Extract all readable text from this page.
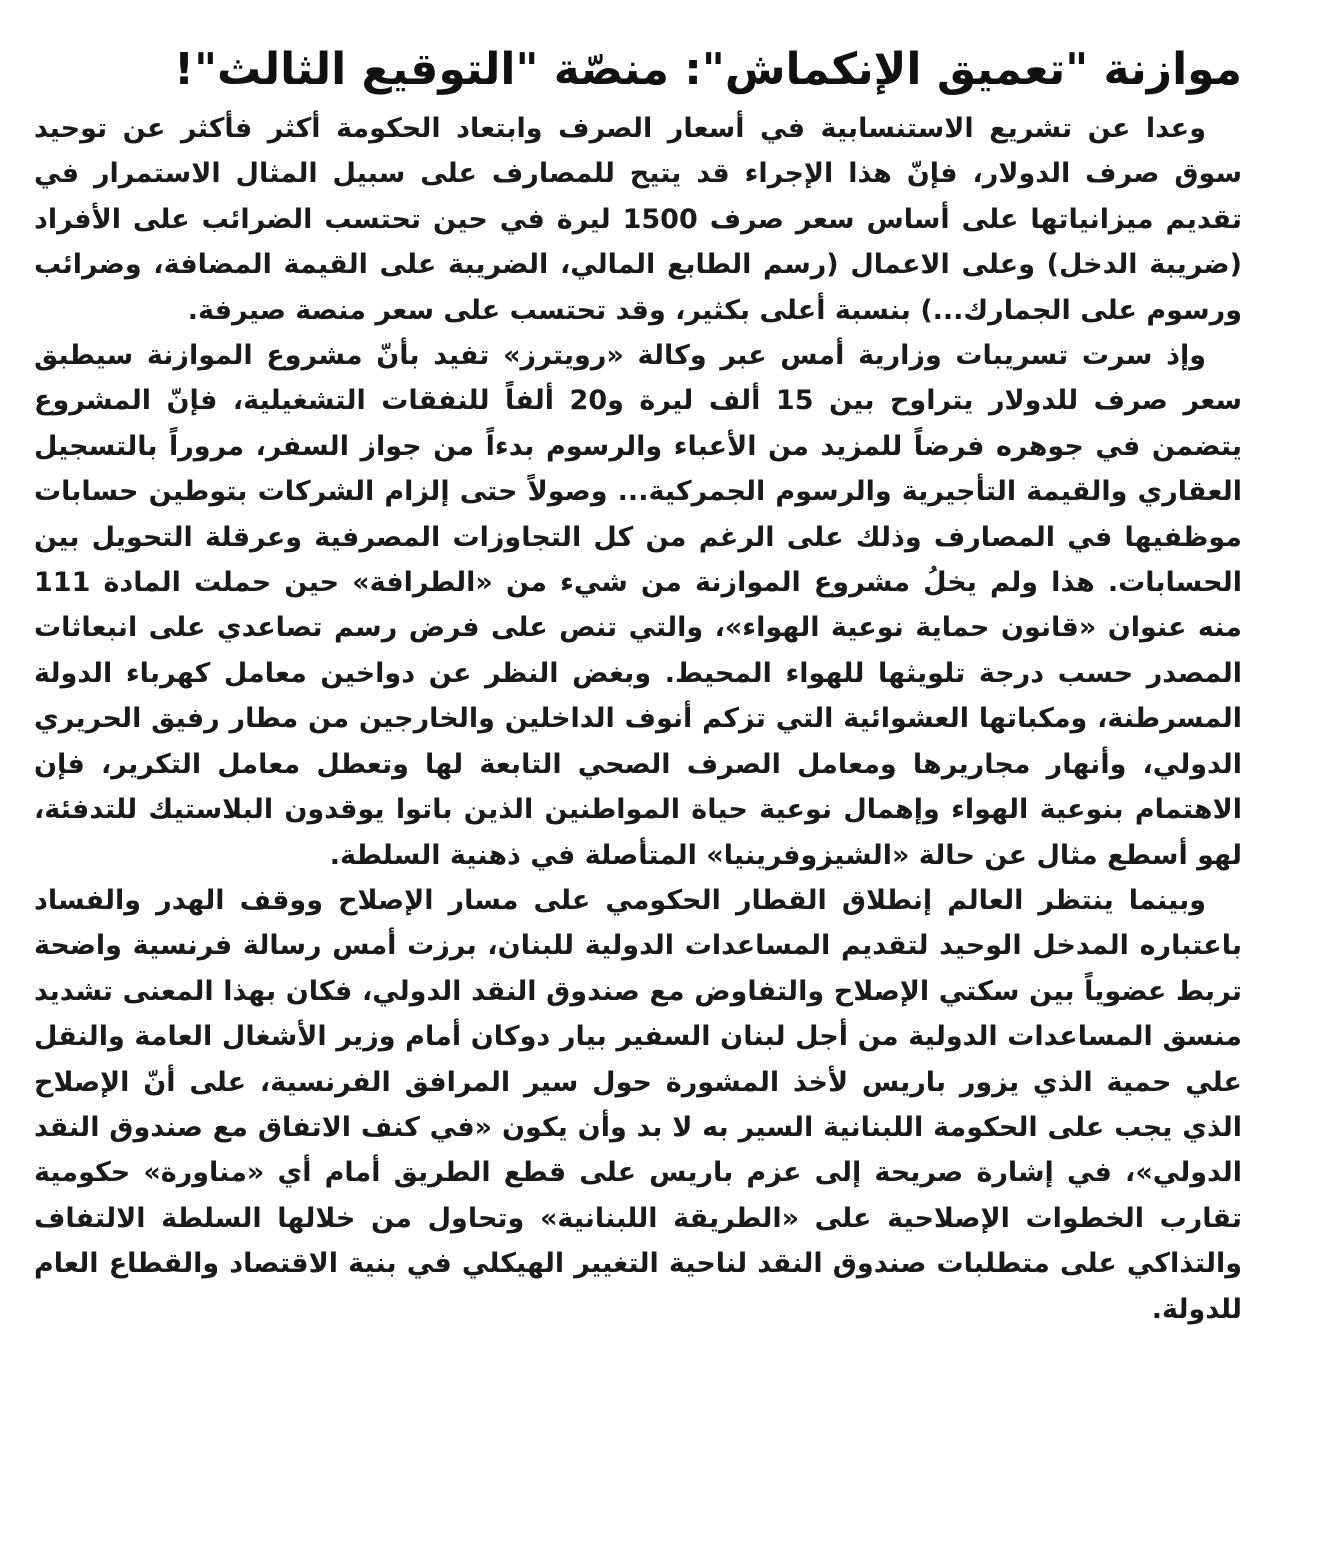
موازنة "تعميق الإنكماش": منصّة "التوقيع الثالث"!

وعدا عن تشريع الاستنسابية في أسعار الصرف وابتعاد الحكومة أكثر فأكثر عن توحيد سوق صرف الدولار، فإنّ هذا الإجراء قد يتيح للمصارف على سبيل المثال الاستمرار في تقديم ميزانياتها على أساس سعر صرف 1500 ليرة في حين تحتسب الضرائب على الأفراد (ضريبة الدخل) وعلى الاعمال (رسم الطابع المالي، الضريبة على القيمة المضافة، وضرائب ورسوم على الجمارك...) بنسبة أعلى بكثير، وقد تحتسب على سعر منصة صيرفة.

وإذ سرت تسريبات وزارية أمس عبر وكالة «رويترز» تفيد بأنّ مشروع الموازنة سيطبق سعر صرف للدولار يتراوح بين 15 ألف ليرة و20 ألفاً للنفقات التشغيلية، فإنّ المشروع يتضمن في جوهره فرضاً للمزيد من الأعباء والرسوم بدءاً من جواز السفر، مروراً بالتسجيل العقاري والقيمة التأجيرية والرسوم الجمركية... وصولاً حتى إلزام الشركات بتوطين حسابات موظفيها في المصارف وذلك على الرغم من كل التجاوزات المصرفية وعرقلة التحويل بين الحسابات. هذا ولم يخلُ مشروع الموازنة من شيء من «الطرافة» حين حملت المادة 111 منه عنوان «قانون حماية نوعية الهواء»، والتي تنص على فرض رسم تصاعدي على انبعاثات المصدر حسب درجة تلويثها للهواء المحيط. وبغض النظر عن دواخين معامل كهرباء الدولة المسرطنة، ومكباتها العشوائية التي تزكم أنوف الداخلين والخارجين من مطار رفيق الحريري الدولي، وأنهار مجاريرها ومعامل الصرف الصحي التابعة لها وتعطل معامل التكرير، فإن الاهتمام بنوعية الهواء وإهمال نوعية حياة المواطنين الذين باتوا يوقدون البلاستيك للتدفئة، لهو أسطع مثال عن حالة «الشيزوفرينيا» المتأصلة في ذهنية السلطة.

وبينما ينتظر العالم إنطلاق القطار الحكومي على مسار الإصلاح ووقف الهدر والفساد باعتباره المدخل الوحيد لتقديم المساعدات الدولية للبنان، برزت أمس رسالة فرنسية واضحة تربط عضوياً بين سكتي الإصلاح والتفاوض مع صندوق النقد الدولي، فكان بهذا المعنى تشديد منسق المساعدات الدولية من أجل لبنان السفير بيار دوكان أمام وزير الأشغال العامة والنقل علي حمية الذي يزور باريس لأخذ المشورة حول سير المرافق الفرنسية، على أنّ الإصلاح الذي يجب على الحكومة اللبنانية السير به لا بد وأن يكون «في كنف الاتفاق مع صندوق النقد الدولي»، في إشارة صريحة إلى عزم باريس على قطع الطريق أمام أي «مناورة» حكومية تقارب الخطوات الإصلاحية على «الطريقة اللبنانية» وتحاول من خلالها السلطة الالتفاف والتذاكي على متطلبات صندوق النقد لناحية التغيير الهيكلي في بنية الاقتصاد والقطاع العام للدولة.
